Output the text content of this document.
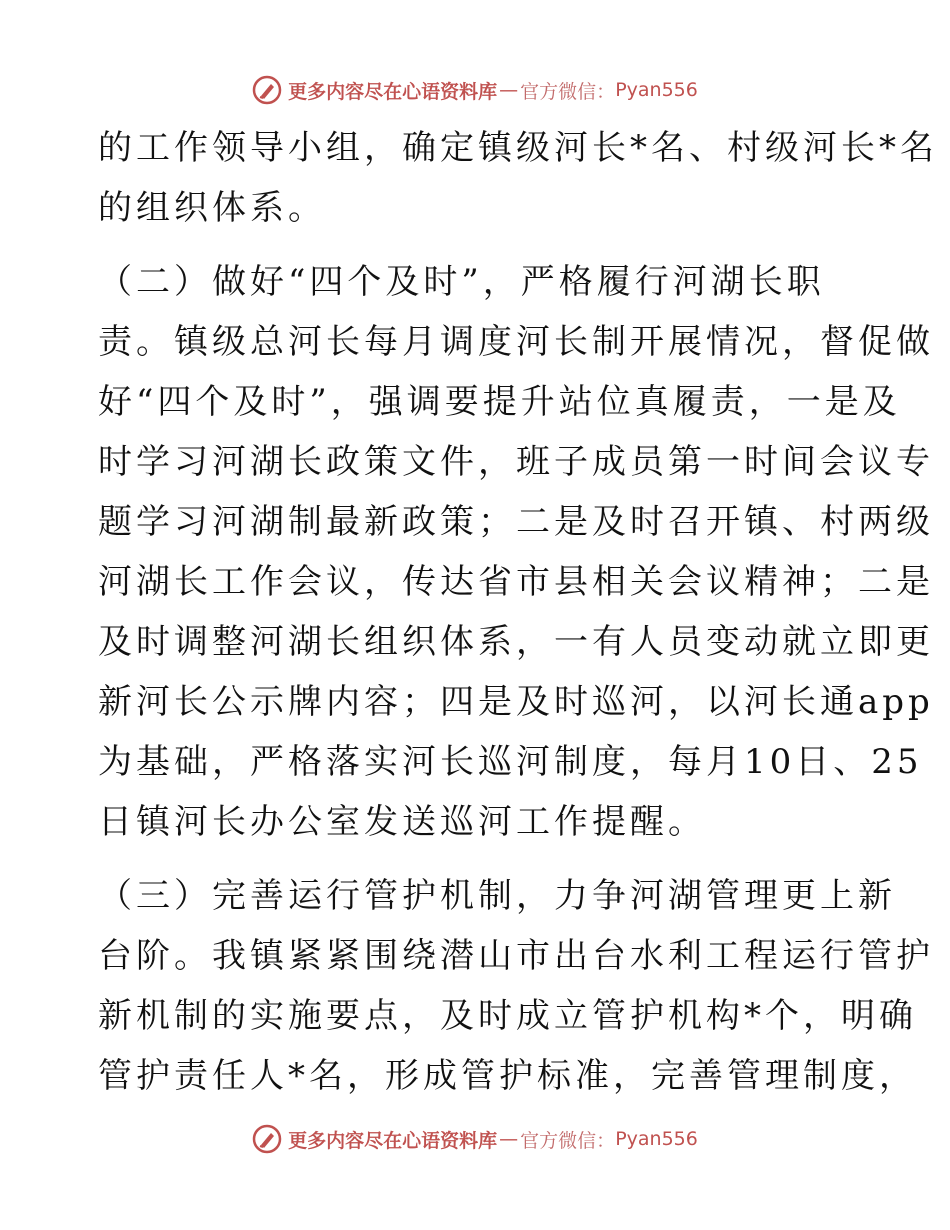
更多内容尽在心语资料库 — 官方微信： Pyan556
的工作领导小组，确定镇级河长*名、村级河长*名
的组织体系。
（二）做好“四个及时”，严格履行河湖长职
责。镇级总河长每月调度河长制开展情况，督促做
好“四个及时”，强调要提升站位真履责，一是及
时学习河湖长政策文件，班子成员第一时间会议专
题学习河湖制最新政策；二是及时召开镇、村两级
河湖长工作会议，传达省市县相关会议精神；二是
及时调整河湖长组织体系，一有人员变动就立即更
新河长公示牌内容；四是及时巡河，以河长通app
为基础，严格落实河长巡河制度，每月10日、25
日镇河长办公室发送巡河工作提醒。
（三）完善运行管护机制，力争河湖管理更上新
台阶。我镇紧紧围绕潜山市出台水利工程运行管护
新机制的实施要点，及时成立管护机构*个，明确
管护责任人*名，形成管护标准，完善管理制度，
更多内容尽在心语资料库 — 官方微信： Pyan556
